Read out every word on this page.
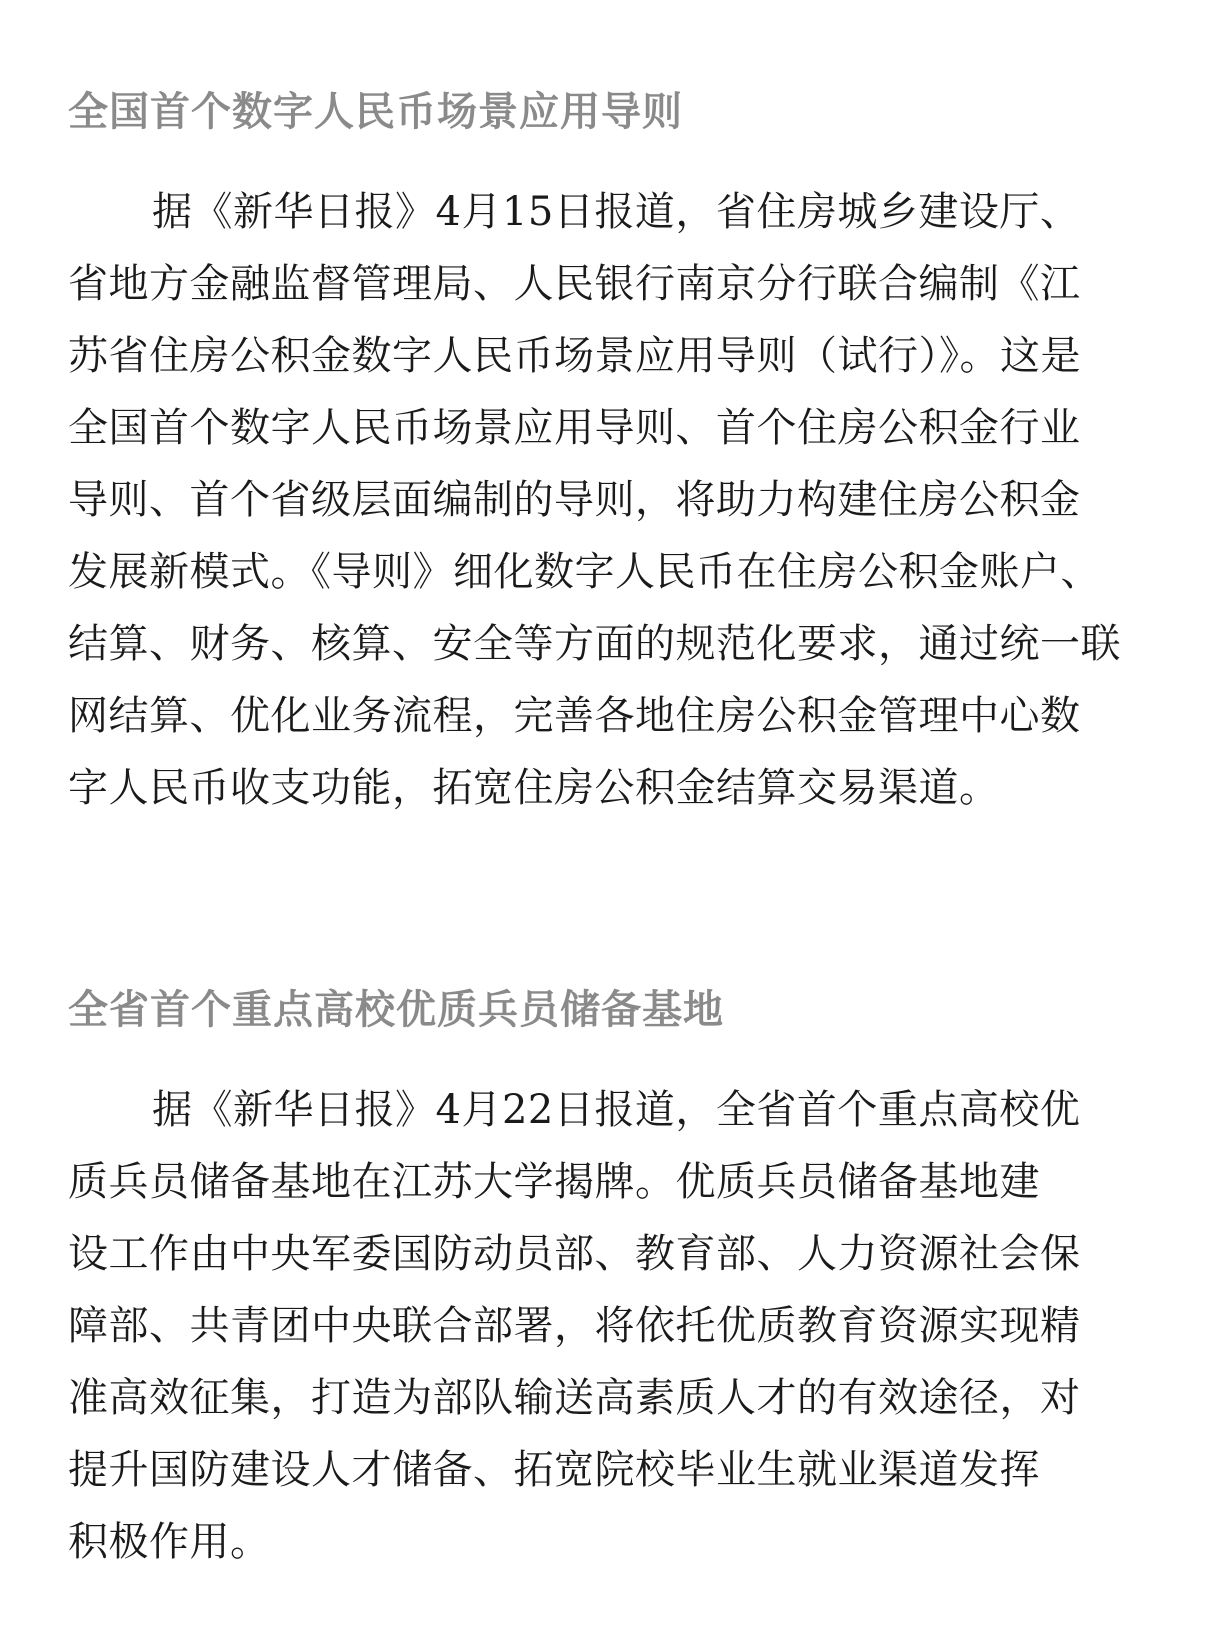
全国首个数字人民币场景应用导则
据《新华日报》4月15日报道，省住房城乡建设厅、
省地方金融监督管理局、人民银行南京分行联合编制《江
苏省住房公积金数字人民币场景应用导则（试行）》。这是
全国首个数字人民币场景应用导则、首个住房公积金行业
导则、首个省级层面编制的导则，将助力构建住房公积金
发展新模式。《导则》细化数字人民币在住房公积金账户、
结算、财务、核算、安全等方面的规范化要求，通过统一联
网结算、优化业务流程，完善各地住房公积金管理中心数
字人民币收支功能，拓宽住房公积金结算交易渠道。
全省首个重点高校优质兵员储备基地
据《新华日报》4月22日报道，全省首个重点高校优
质兵员储备基地在江苏大学揭牌。优质兵员储备基地建
设工作由中央军委国防动员部、教育部、人力资源社会保
障部、共青团中央联合部署，将依托优质教育资源实现精
准高效征集，打造为部队输送高素质人才的有效途径，对
提升国防建设人才储备、拓宽院校毕业生就业渠道发挥
积极作用。
